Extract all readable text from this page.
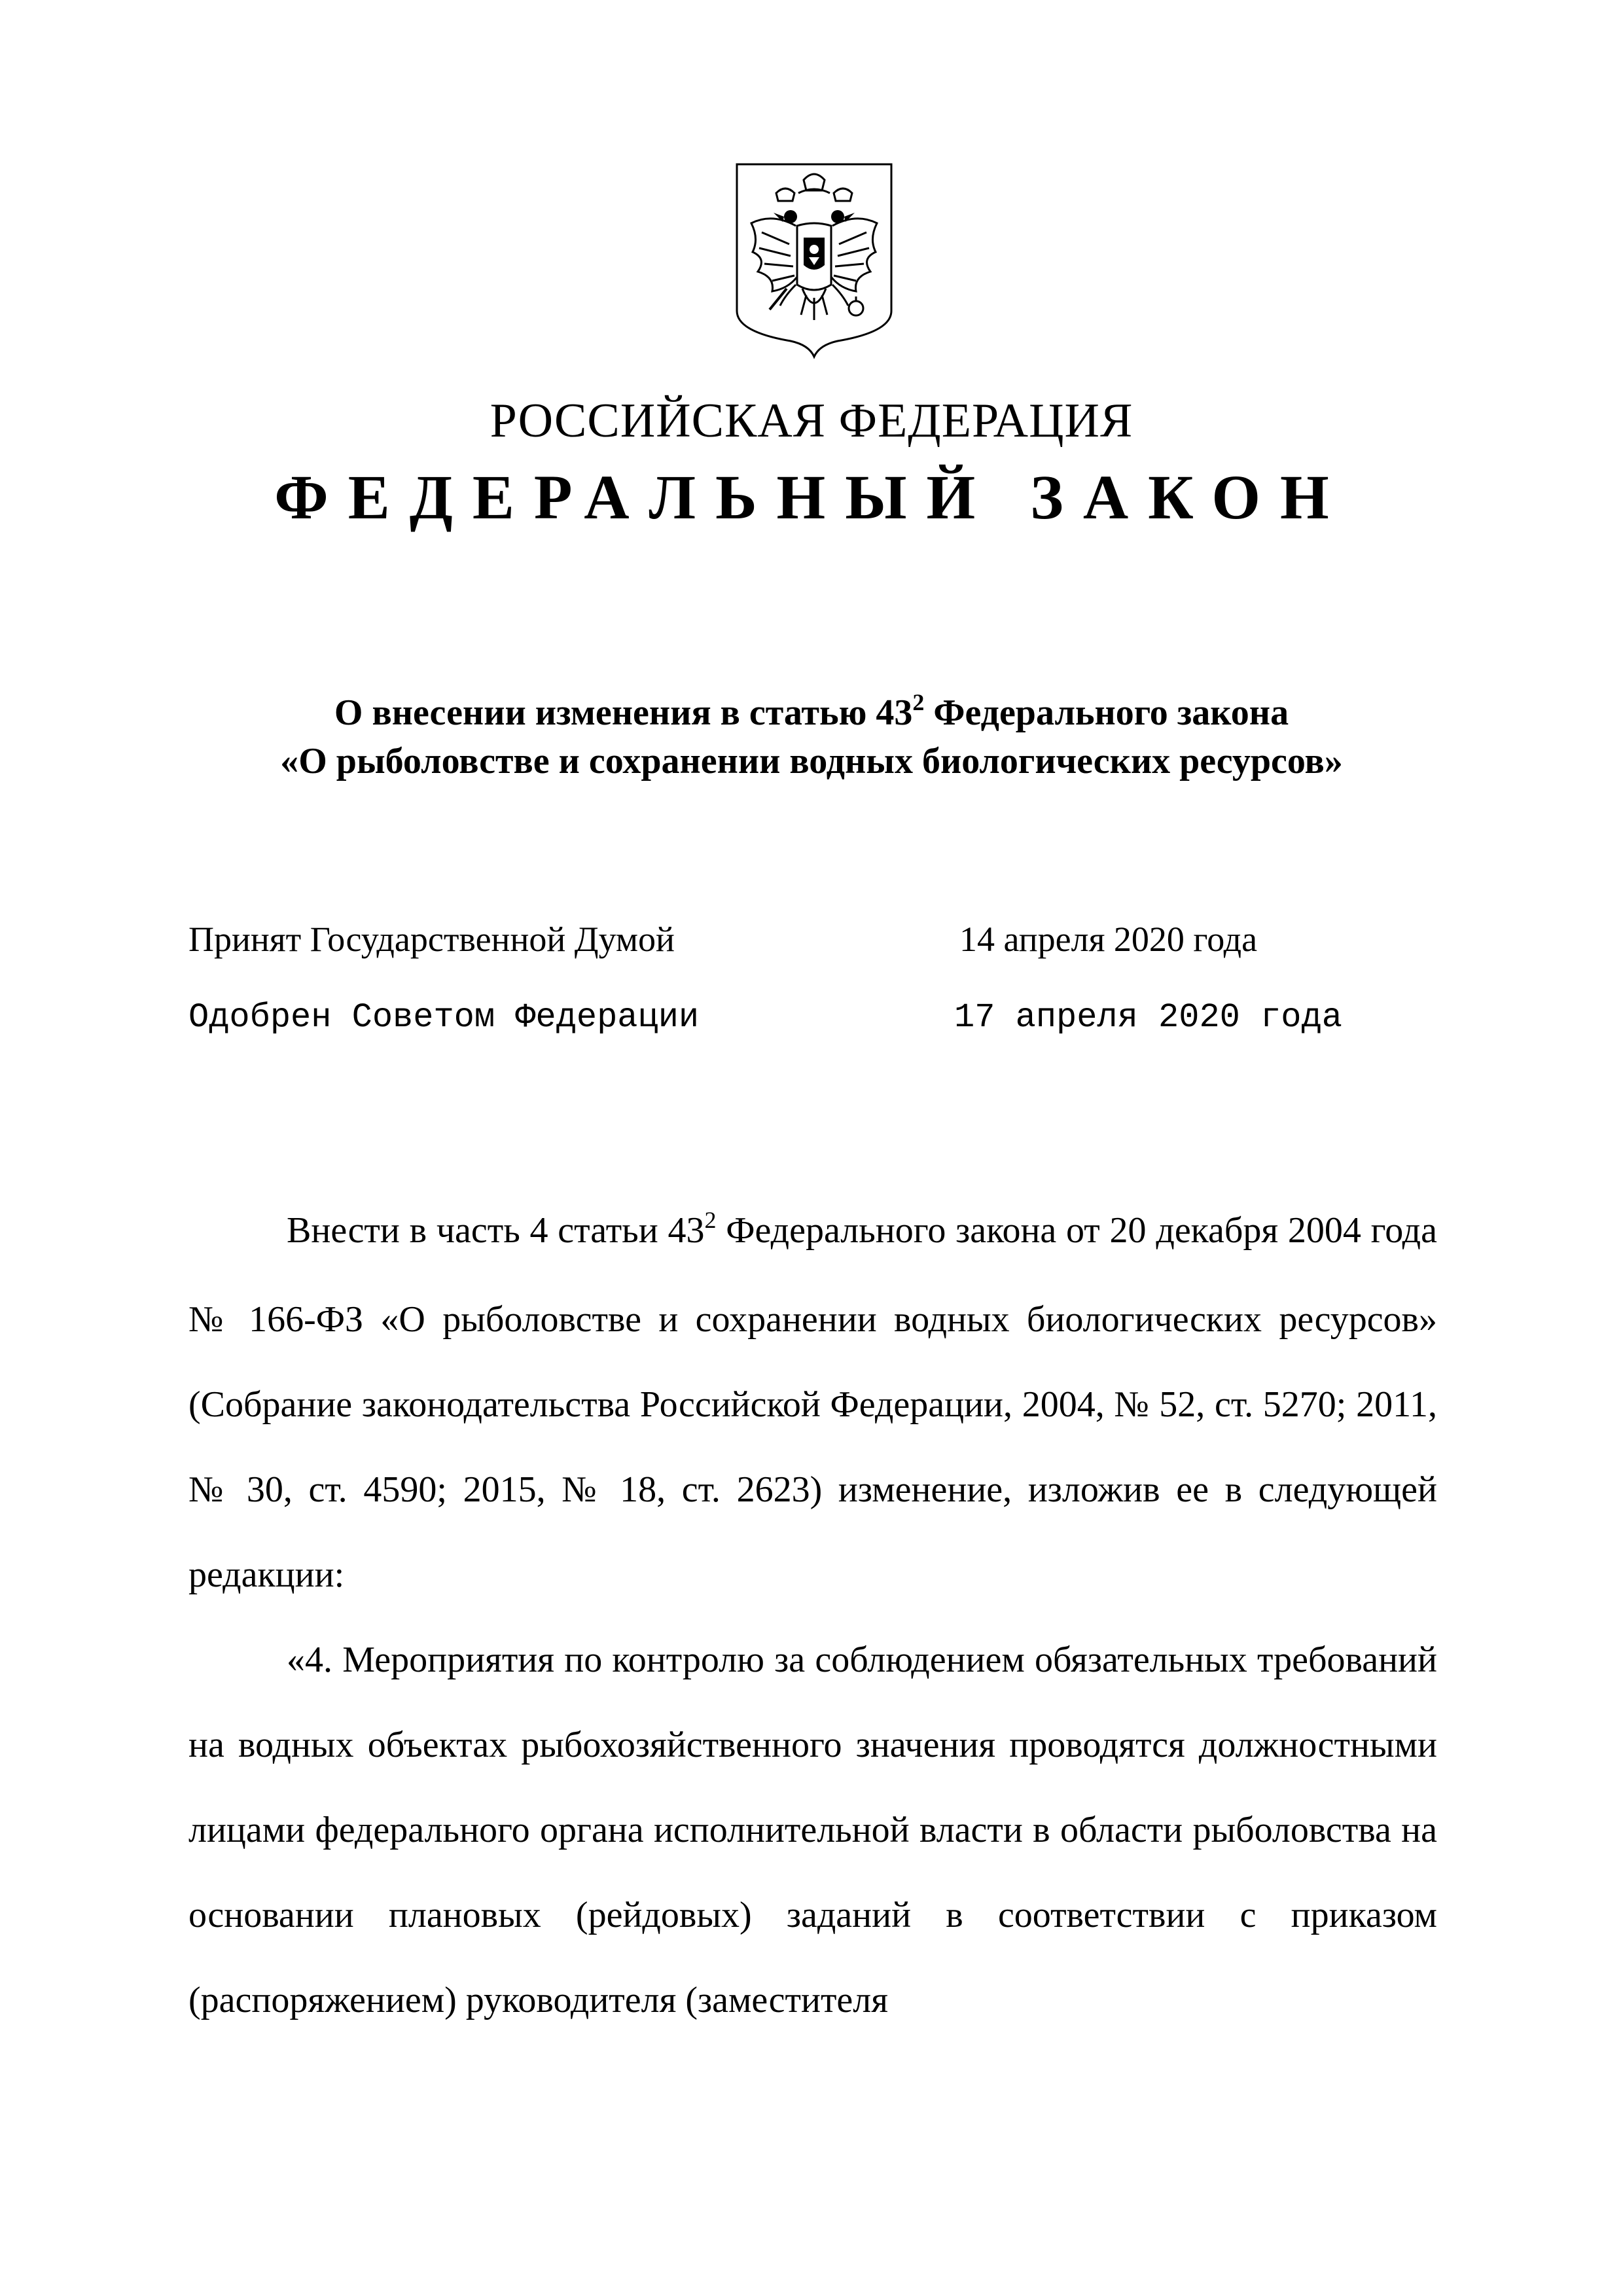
РОССИЙСКАЯ ФЕДЕРАЦИЯ
ФЕДЕРАЛЬНЫЙ ЗАКОН
О внесении изменения в статью $43^2$ Федерального закона
«О рыболовстве и сохранении водных биологических ресурсов»
Принят Государственной Думой	14 апреля 2020 года
Одобрен Советом Федерации	17 апреля 2020 года

Внести в часть 4 статьи $43^2$ Федерального закона от 20 декабря 2004 года № 166-ФЗ «О рыболовстве и сохранении водных биологических ресурсов» (Собрание законодательства Российской Федерации, 2004, № 52, ст. 5270; 2011, № 30, ст. 4590; 2015, № 18, ст. 2623) изменение, изложив ее в следующей редакции:

«4. Мероприятия по контролю за соблюдением обязательных требований на водных объектах рыбохозяйственного значения проводятся должностными лицами федерального органа исполнительной власти в области рыболовства на основании плановых (рейдовых) заданий в соответствии с приказом (распоряжением) руководителя (заместителя
